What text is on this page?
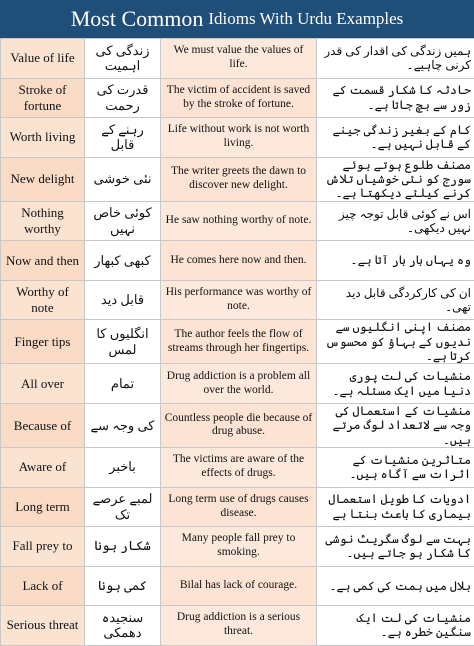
Most Common Idioms With Urdu Examples
Value of life	زندگی کی اہمیت	We must value the values of life.	ہمیں زندگی کی اقدار کی قدر کرنی چاہیے۔
Stroke of fortune	قدرت کی رحمت	The victim of accident is saved by the stroke of fortune.	حادثہ کا شکار قسمت کے زور سے بچ جاتا ہے۔
Worth living	رہنے کے قابل	Life without work is not worth living.	کام کے بغیر زندگی جینے کے قابل نہیں ہے۔
New delight	نئی خوشی	The writer greets the dawn to discover new delight.	مصنف طلوع ہوتے ہوئے سورج کو نئی خوشیاں تلاش کرنے کیلئے دیکھتا ہے۔
Nothing worthy	کوئی خاص نہیں	He saw nothing worthy of note.	اس نے کوئی قابل توجہ چیز نہیں دیکھی۔
Now and then	کبھی کبھار	He comes here now and then.	وہ یہاں بار بار آتا ہے۔
Worthy of note	قابل دید	His performance was worthy of note.	ان کی کارکردگی قابل دید تھی۔
Finger tips	انگلیوں کا لمس	The author feels the flow of streams through her fingertips.	مصنف اپنی انگلیوں سے ندیوں کے بہاؤ کو محسوس کرتا ہے۔
All over	تمام	Drug addiction is a problem all over the world.	منشیات کی لت پوری دنیا میں ایک مسئلہ ہے۔
Because of	کی وجہ سے	Countless people die because of drug abuse.	منشیات کے استعمال کی وجہ سے لاتعداد لوگ مرتے ہیں۔
Aware of	باخبر	The victims are aware of the effects of drugs.	متاثرین منشیات کے اثرات سے آگاہ ہیں۔
Long term	لمبے عرصے تک	Long term use of drugs causes disease.	ادویات کا طویل استعمال بیماری کا باعث بنتا ہے
Fall prey to	شکار ہونا	Many people fall prey to smoking.	بہت سے لوگ سگریٹ نوشی کا شکار ہو جاتے ہیں۔
Lack of	کمی ہونا	Bilal has lack of courage.	بلال میں ہمت کی کمی ہے۔
Serious threat	سنجیدہ دھمکی	Drug addiction is a serious threat.	منشیات کی لت ایک سنگین خطرہ ہے۔
